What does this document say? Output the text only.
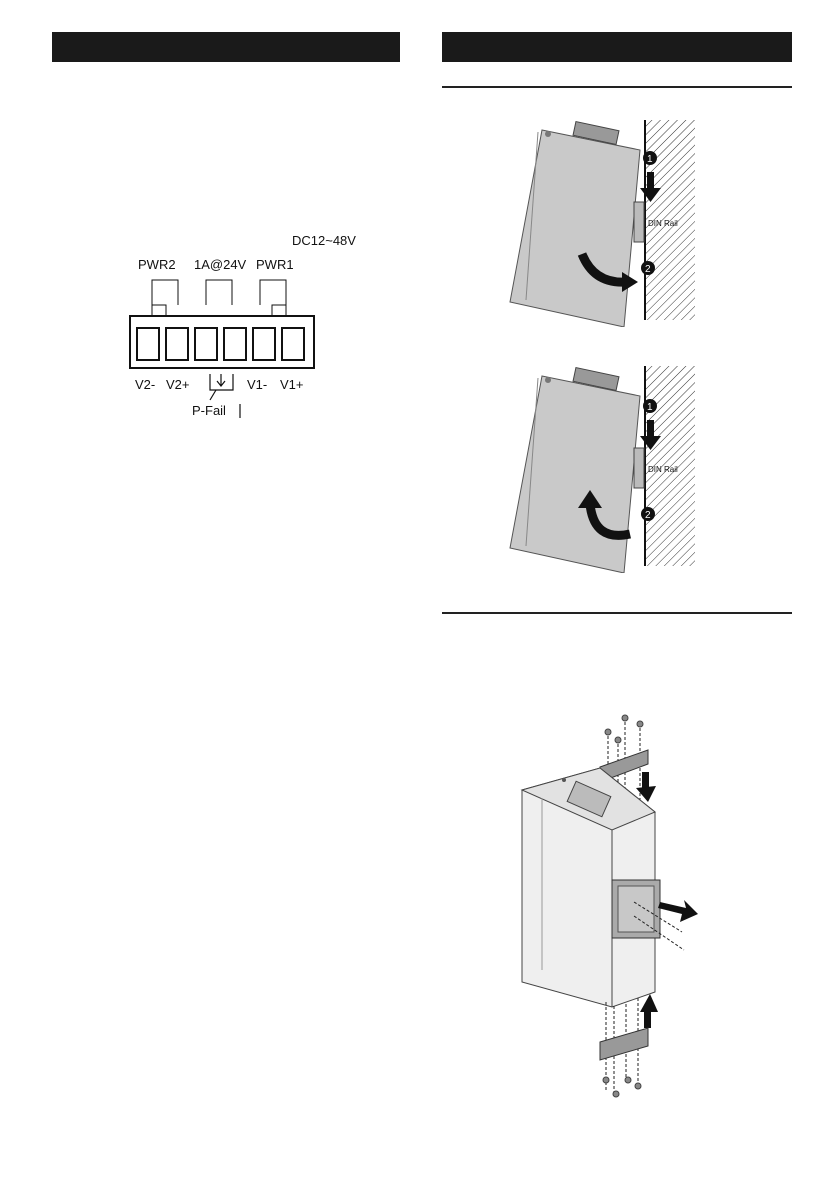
DC12~48V
PWR2 1A@24V PWR1
V2- V2+	V1- V1+
P-Fail
1
DIN Rail
2
1
DIN Rail
2
